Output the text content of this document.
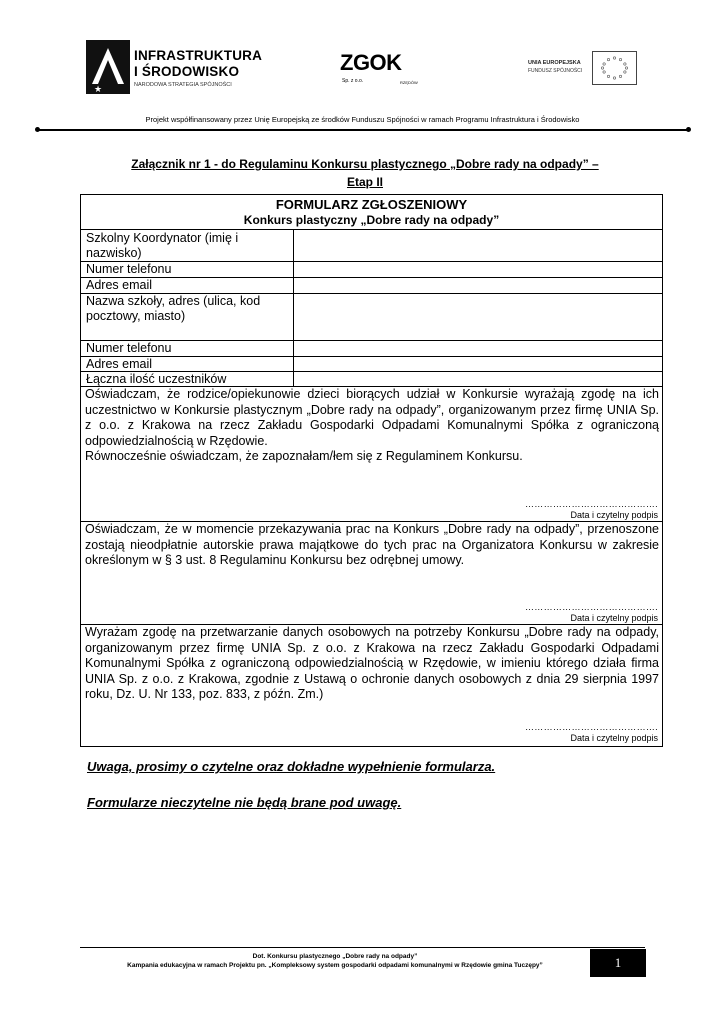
★
INFRASTRUKTURA
I ŚRODOWISKO
NARODOWA STRATEGIA SPÓJNOŚCI
ZGOK
Sp. z o.o.	RZĘDÓW
UNIA EUROPEJSKA
FUNDUSZ SPÓJNOŚCI
Projekt współfinansowany przez Unię Europejską ze środków Funduszu Spójności w ramach Programu Infrastruktura i Środowisko
Załącznik nr 1 - do Regulaminu Konkursu plastycznego „Dobre rady na odpady” –
Etap II
FORMULARZ ZGŁOSZENIOWY
Konkurs plastyczny „Dobre rady na odpady”
Szkolny Koordynator (imię i nazwisko)
Numer telefonu
Adres email
Nazwa szkoły, adres (ulica, kod pocztowy, miasto)
Numer telefonu
Adres email
Łączna ilość uczestników
Oświadczam, że rodzice/opiekunowie dzieci biorących udział w Konkursie wyrażają zgodę na ich uczestnictwo w Konkursie plastycznym „Dobre rady na odpady”, organizowanym przez firmę UNIA Sp. z o.o. z Krakowa na rzecz Zakładu Gospodarki Odpadami Komunalnymi Spółka z ograniczoną odpowiedzialnością w Rzędowie.
Równocześnie oświadczam, że zapoznałam/łem się z Regulaminem Konkursu.
…………………………………….
Data i czytelny podpis
Oświadczam, że w momencie przekazywania prac na Konkurs „Dobre rady na odpady”, przenoszone zostają nieodpłatnie autorskie prawa majątkowe do tych prac na Organizatora Konkursu w zakresie określonym w § 3 ust. 8 Regulaminu Konkursu bez odrębnej umowy.
…………………………………….
Data i czytelny podpis
Wyrażam zgodę na przetwarzanie danych osobowych na potrzeby Konkursu „Dobre rady na odpady, organizowanym przez firmę UNIA Sp. z o.o. z Krakowa na rzecz Zakładu Gospodarki Odpadami Komunalnymi Spółka z ograniczoną odpowiedzialnością w Rzędowie, w imieniu którego działa firma UNIA Sp. z o.o. z Krakowa, zgodnie z Ustawą o ochronie danych osobowych z dnia 29 sierpnia 1997 roku, Dz. U. Nr 133, poz. 833, z późn. Zm.)
…………………………………….
Data i czytelny podpis
Uwaga, prosimy o czytelne oraz dokładne wypełnienie formularza.
Formularze nieczytelne nie będą brane pod uwagę.
Dot. Konkursu plastycznego „Dobre rady na odpady”
Kampania edukacyjna w ramach Projektu pn. „Kompleksowy system gospodarki odpadami komunalnymi w Rzędowie gmina Tuczępy”	1
